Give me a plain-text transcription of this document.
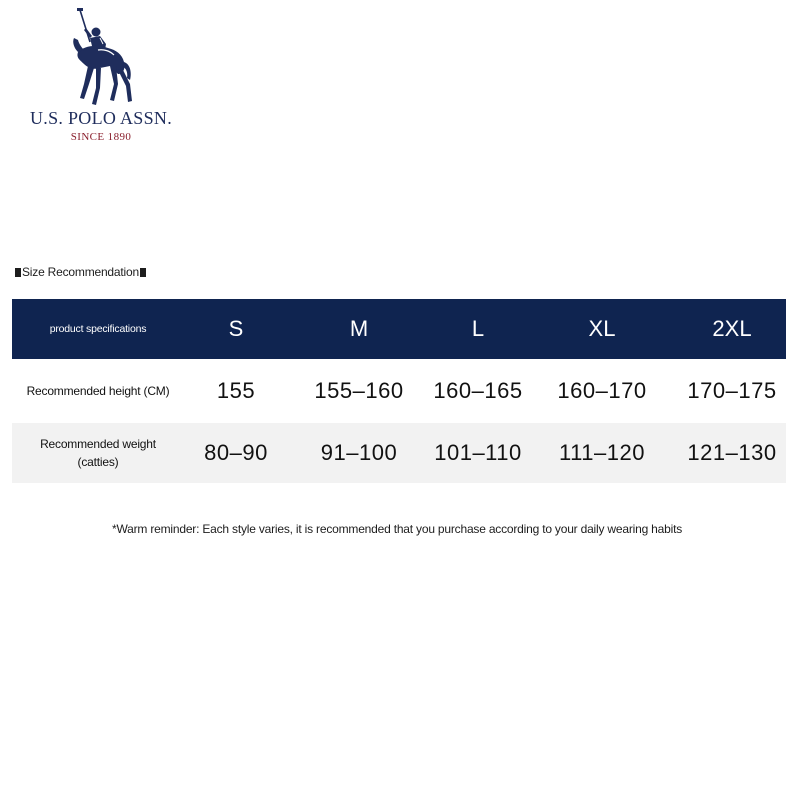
U.S. POLO ASSN.
SINCE 1890
Size Recommendation
product specifications	S	M	L	XL	2XL
Recommended height (CM)	155	155–160	160–165	160–170	170–175
Recommended weight
(catties)	80–90	91–100	101–110	111–120	121–130
*Warm reminder: Each style varies, it is recommended that you purchase according to your daily wearing habits
